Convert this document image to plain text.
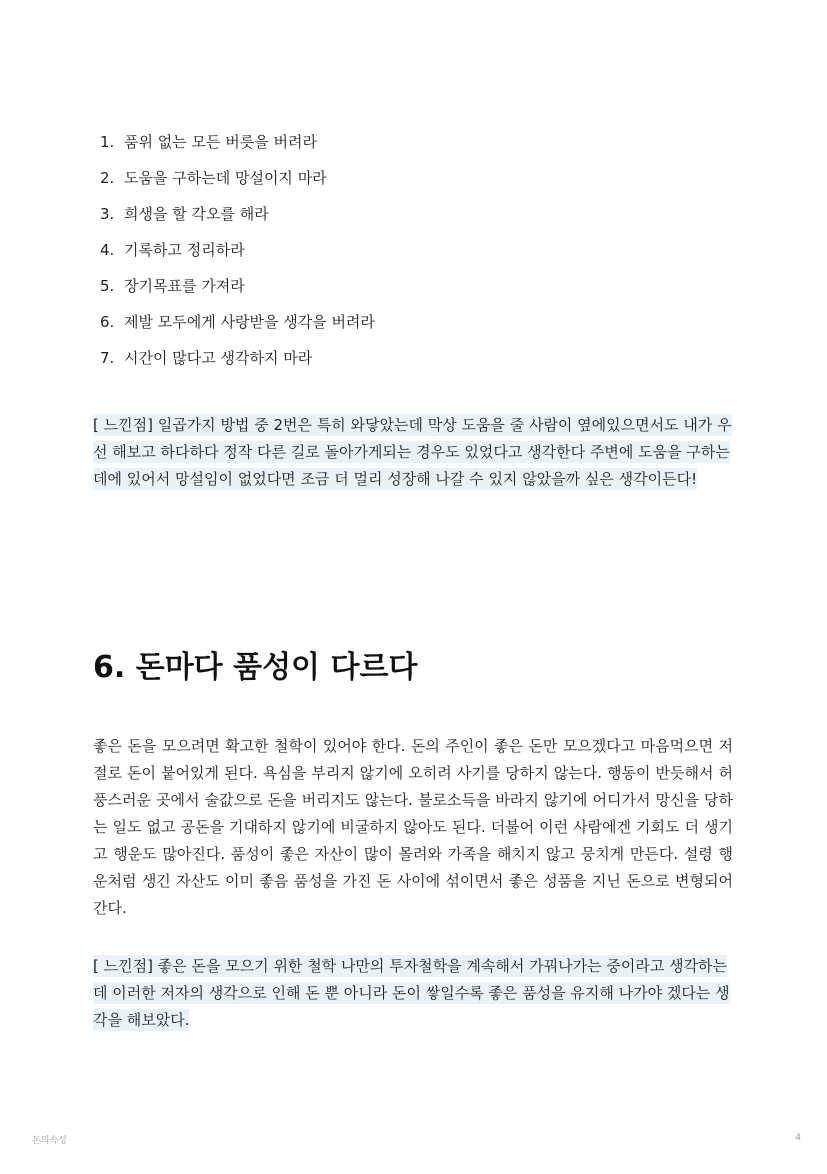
1. 품위 없는 모든 버릇을 버려라
2. 도움을 구하는데 망설이지 마라
3. 희생을 할 각오를 해라
4. 기록하고 정리하라
5. 장기목표를 가져라
6. 제발 모두에게 사랑받을 생각을 버려라
7. 시간이 많다고 생각하지 마라

[ 느낀점] 일곱가지 방법 중 2번은 특히 와닿았는데 막상 도움을 줄 사람이 옆에있으면서도 내가 우선 해보고 하다하다 정작 다른 길로 돌아가게되는 경우도 있었다고 생각한다 주변에 도움을 구하는데에 있어서 망설임이 없었다면 조금 더 멀리 성장해 나갈 수 있지 않았을까 싶은 생각이든다!

6. 돈마다 품성이 다르다

좋은 돈을 모으려면 확고한 철학이 있어야 한다. 돈의 주인이 좋은 돈만 모으겠다고 마음먹으면 저절로 돈이 붙어있게 된다. 욕심을 부리지 않기에 오히려 사기를 당하지 않는다. 행동이 반듯해서 허풍스러운 곳에서 술값으로 돈을 버리지도 않는다. 불로소득을 바라지 않기에 어디가서 망신을 당하는 일도 없고 공돈을 기대하지 않기에 비굴하지 않아도 된다. 더불어 이런 사람에겐 기회도 더 생기고 행운도 많아진다. 품성이 좋은 자산이 많이 몰려와 가족을 해치지 않고 뭉치게 만든다. 설령 행운처럼 생긴 자산도 이미 좋음 품성을 가진 돈 사이에 섞이면서 좋은 성품을 지닌 돈으로 변형되어간다.

[ 느낀점] 좋은 돈을 모으기 위한 철학 나만의 투자철학을 계속해서 가꿔나가는 중이라고 생각하는데 이러한 저자의 생각으로 인해 돈 뿐 아니라 돈이 쌓일수록 좋은 품성을 유지해 나가야 겠다는 생각을 해보았다.

돈의속성	4
